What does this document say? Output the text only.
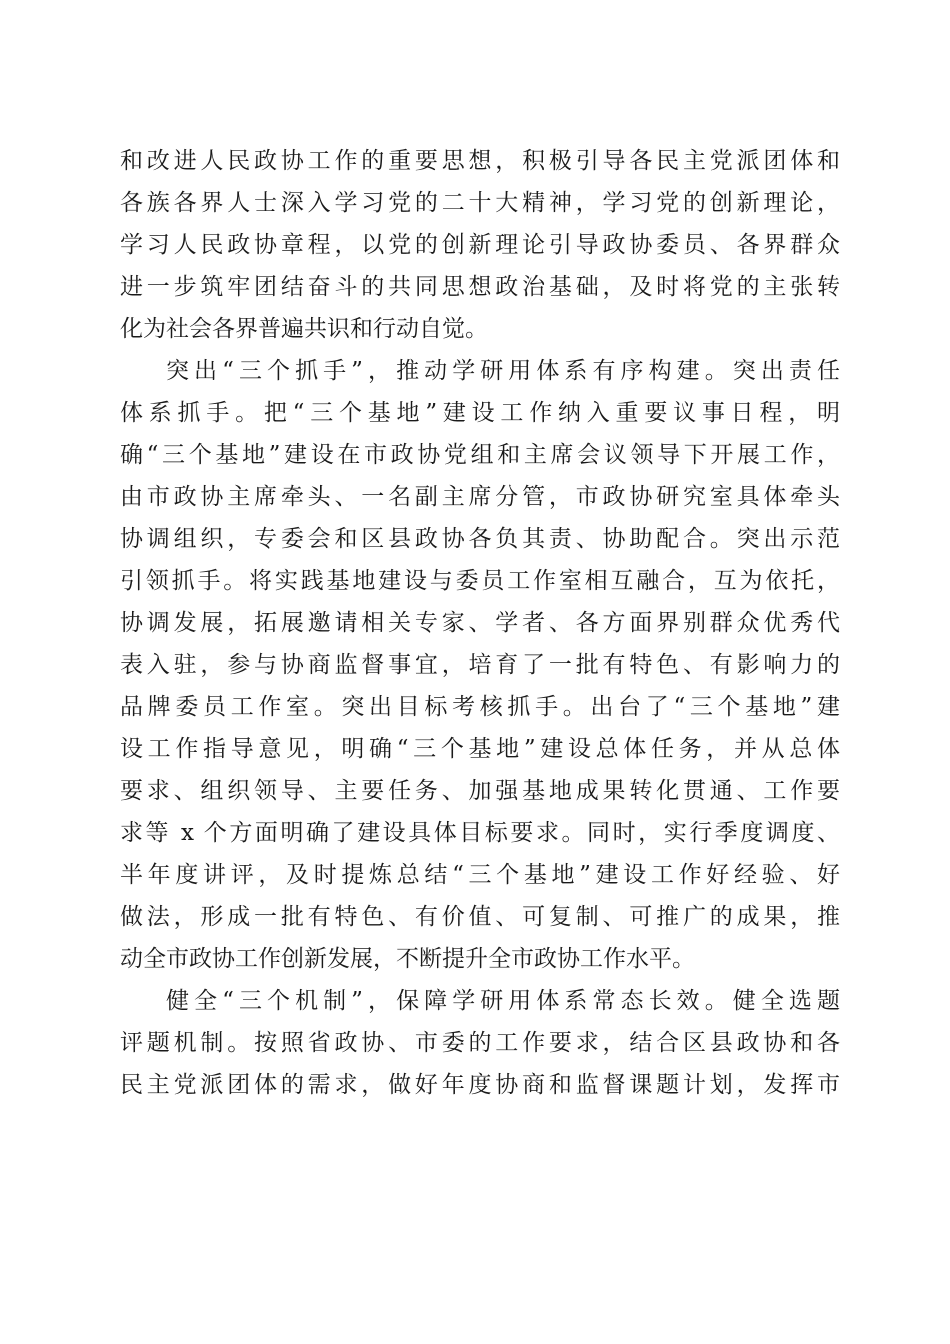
和改进人民政协工作的重要思想，积极引导各民主党派团体和
各族各界人士深入学习党的二十大精神，学习党的创新理论，
学习人民政协章程，以党的创新理论引导政协委员、各界群众
进一步筑牢团结奋斗的共同思想政治基础，及时将党的主张转
化为社会各界普遍共识和行动自觉。
突出“三个抓手”，推动学研用体系有序构建。突出责任
体系抓手。把“三个基地”建设工作纳入重要议事日程，明
确“三个基地”建设在市政协党组和主席会议领导下开展工作，
由市政协主席牵头、一名副主席分管，市政协研究室具体牵头
协调组织，专委会和区县政协各负其责、协助配合。突出示范
引领抓手。将实践基地建设与委员工作室相互融合，互为依托，
协调发展，拓展邀请相关专家、学者、各方面界别群众优秀代
表入驻，参与协商监督事宜，培育了一批有特色、有影响力的
品牌委员工作室。突出目标考核抓手。出台了“三个基地”建
设工作指导意见，明确“三个基地”建设总体任务，并从总体
要求、组织领导、主要任务、加强基地成果转化贯通、工作要
求等 x 个方面明确了建设具体目标要求。同时，实行季度调度、
半年度讲评，及时提炼总结“三个基地”建设工作好经验、好
做法，形成一批有特色、有价值、可复制、可推广的成果，推
动全市政协工作创新发展，不断提升全市政协工作水平。
健全“三个机制”，保障学研用体系常态长效。健全选题
评题机制。按照省政协、市委的工作要求，结合区县政协和各
民主党派团体的需求，做好年度协商和监督课题计划，发挥市
